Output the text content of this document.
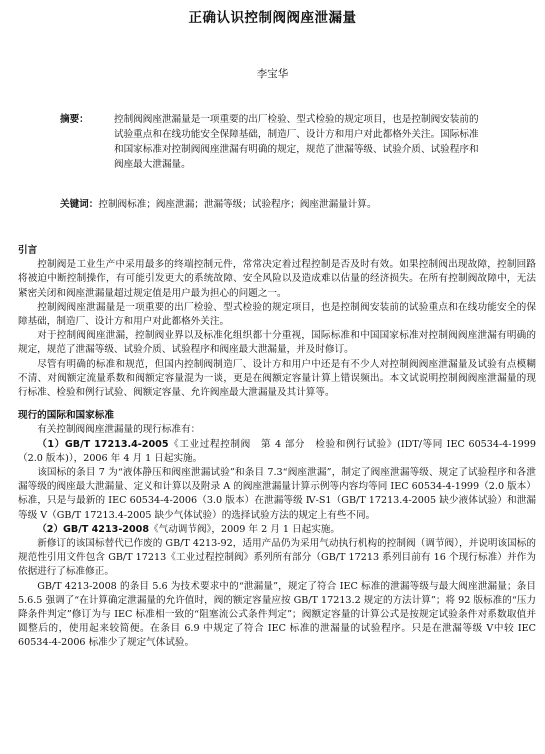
正确认识控制阀阀座泄漏量
李宝华
摘要：	控制阀阀座泄漏量是一项重要的出厂检验、型式检验的规定项目，也是控制阀安装前的试验重点和在线功能安全保障基础，制造厂、设计方和用户对此都格外关注。国际标准和国家标准对控制阀阀座泄漏有明确的规定，规范了泄漏等级、试验介质、试验程序和阀座最大泄漏量。
关键词：控制阀标准；阀座泄漏；泄漏等级；试验程序；阀座泄漏量计算。

引言

控制阀是工业生产中采用最多的终端控制元件，常常决定着过程控制是否及时有效。如果控制阀出现故障，控制回路将被迫中断控制操作，有可能引发更大的系统故障、安全风险以及造成难以估量的经济损失。在所有控制阀故障中，无法紧密关闭和阀座泄漏量超过规定值是用户最为担心的问题之一。

控制阀阀座泄漏量是一项重要的出厂检验、型式检验的规定项目，也是控制阀安装前的试验重点和在线功能安全的保障基础，制造厂、设计方和用户对此都格外关注。

对于控制阀阀座泄漏，控制阀业界以及标准化组织都十分重视，国际标准和中国国家标准对控制阀阀座泄漏有明确的规定，规范了泄漏等级、试验介质、试验程序和阀座最大泄漏量，并及时修订。

尽管有明确的标准和规范，但国内控制阀制造厂、设计方和用户中还是有不少人对控制阀阀座泄漏量及试验有点模糊不清、对阀额定流量系数和阀额定容量混为一谈，更是在阀额定容量计算上错误频出。本文试说明控制阀阀座泄漏量的现行标准、检验和例行试验、阀额定容量、允许阀座最大泄漏量及其计算等。

现行的国际和国家标准

有关控制阀阀座泄漏量的现行标准有：

（1）GB/T 17213.4-2005《工业过程控制阀　第 4 部分　检验和例行试验》(IDT/等同 IEC 60534-4-1999（2.0 版本)），2006 年 4 月 1 日起实施。

该国标的条目 7 为“液体静压和阀座泄漏试验”和条目 7.3“阀座泄漏”，制定了阀座泄漏等级、规定了试验程序和各泄漏等级的阀座最大泄漏量、定义和计算以及附录 A 的阀座泄漏量计算示例等内容均等同 IEC 60534-4-1999（2.0 版本）标准，只是与最新的 IEC 60534-4-2006（3.0 版本）在泄漏等级 Ⅳ-S1（GB/T 17213.4-2005 缺少液体试验）和泄漏等级 Ⅴ（GB/T 17213.4-2005 缺少气体试验）的选择试验方法的规定上有些不同。

（2）GB/T 4213-2008《气动调节阀》，2009 年 2 月 1 日起实施。

新修订的该国标替代已作废的 GB/T 4213-92，适用产品仍为采用气动执行机构的控制阀（调节阀），并说明该国标的规范性引用文件包含 GB/T 17213《工业过程控制阀》系列所有部分（GB/T 17213 系列目前有 16 个现行标准）并作为依据进行了标准修正。

GB/T 4213-2008 的条目 5.6 为技术要求中的“泄漏量”，规定了符合 IEC 标准的泄漏等级与最大阀座泄漏量；条目 5.6.5 强调了“在计算确定泄漏量的允许值时，阀的额定容量应按 GB/T 17213.2 规定的方法计算”；将 92 版标准的“压力降条件判定”修订为与 IEC 标准相一致的“阻塞流公式条件判定”；阀额定容量的计算公式是按规定试验条件对系数取值并圆整后的，使用起来较简便。在条目 6.9 中规定了符合 IEC 标准的泄漏量的试验程序。只是在泄漏等级 Ⅴ中较 IEC 60534-4-2006 标准少了规定气体试验。
